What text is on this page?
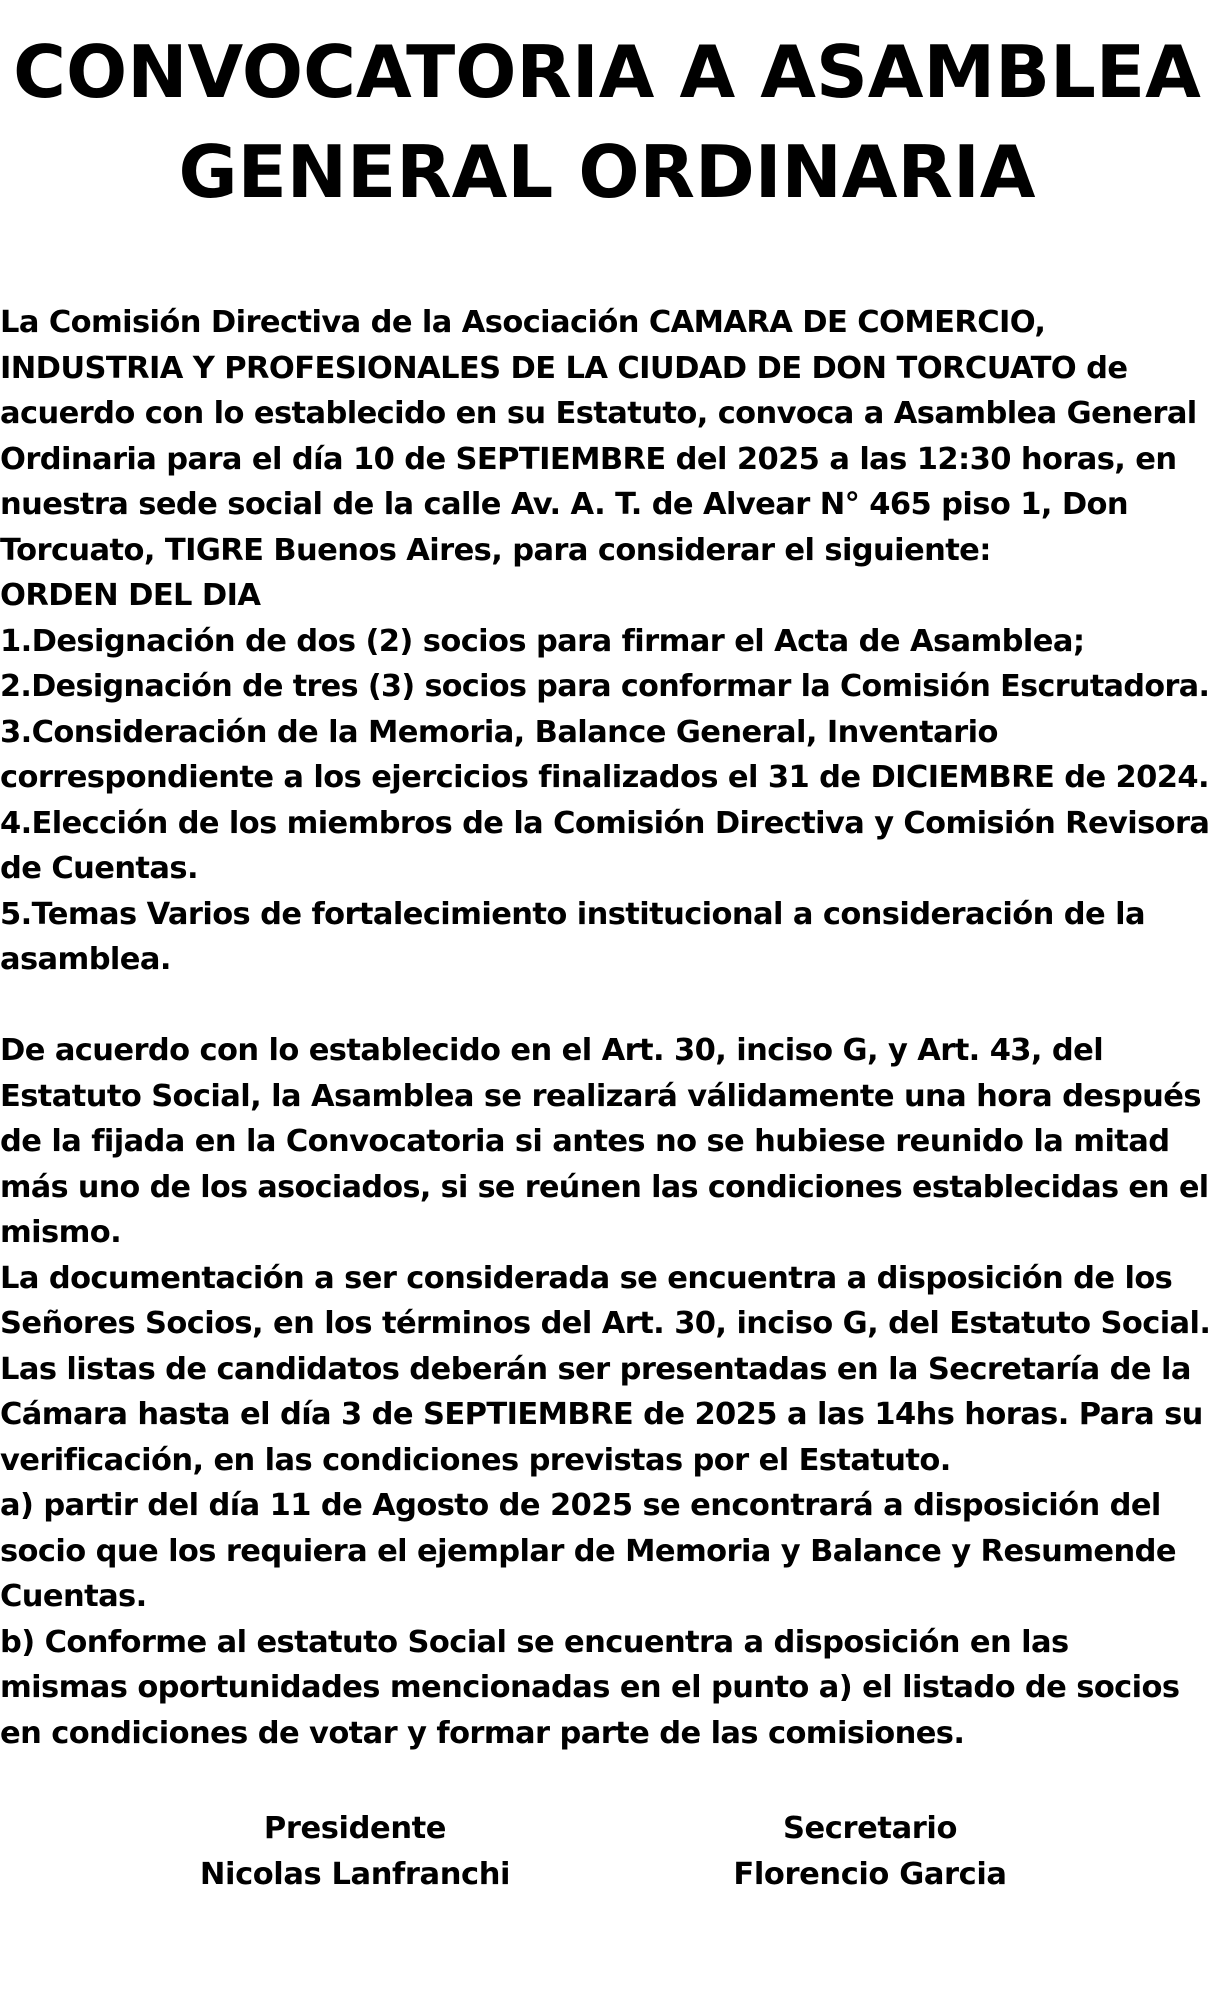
CONVOCATORIA A ASAMBLEA
GENERAL ORDINARIA
La Comisión Directiva de la Asociación CAMARA DE COMERCIO,
INDUSTRIA Y PROFESIONALES DE LA CIUDAD DE DON TORCUATO de
acuerdo con lo establecido en su Estatuto, convoca a Asamblea General
Ordinaria para el día 10 de SEPTIEMBRE del 2025 a las 12:30 horas, en
nuestra sede social de la calle Av. A. T. de Alvear N° 465 piso 1, Don
Torcuato, TIGRE Buenos Aires, para considerar el siguiente:
ORDEN DEL DIA
1.Designación de dos (2) socios para firmar el Acta de Asamblea;
2.Designación de tres (3) socios para conformar la Comisión Escrutadora.
3.Consideración de la Memoria, Balance General, Inventario
correspondiente a los ejercicios finalizados el 31 de DICIEMBRE de 2024.
4.Elección de los miembros de la Comisión Directiva y Comisión Revisora
de Cuentas.
5.Temas Varios de fortalecimiento institucional a consideración de la
asamblea.
De acuerdo con lo establecido en el Art. 30, inciso G, y Art. 43, del
Estatuto Social, la Asamblea se realizará válidamente una hora después
de la fijada en la Convocatoria si antes no se hubiese reunido la mitad
más uno de los asociados, si se reúnen las condiciones establecidas en el
mismo.
La documentación a ser considerada se encuentra a disposición de los
Señores Socios, en los términos del Art. 30, inciso G, del Estatuto Social.
Las listas de candidatos deberán ser presentadas en la Secretaría de la
Cámara hasta el día 3 de SEPTIEMBRE de 2025 a las 14hs horas. Para su
verificación, en las condiciones previstas por el Estatuto.
a) partir del día 11 de Agosto de 2025 se encontrará a disposición del
socio que los requiera el ejemplar de Memoria y Balance y Resumende
Cuentas.
b) Conforme al estatuto Social se encuentra a disposición en las
mismas oportunidades mencionadas en el punto a) el listado de socios
en condiciones de votar y formar parte de las comisiones.
Presidente
Nicolas Lanfranchi
Secretario
Florencio Garcia
